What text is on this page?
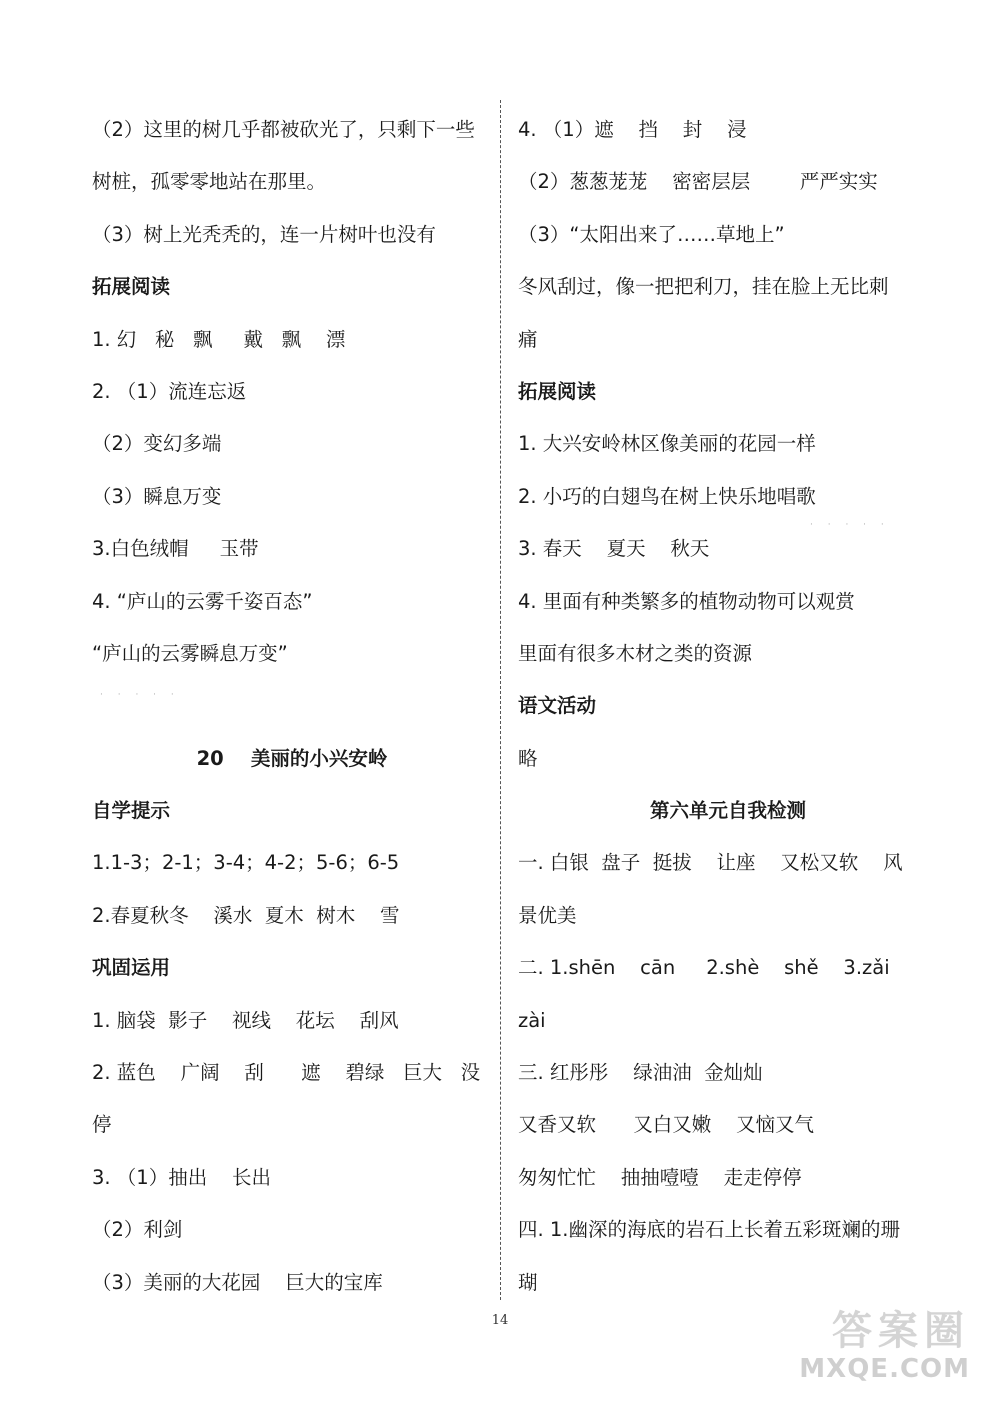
（2）这里的树几乎都被砍光了，只剩下一些
树桩，孤零零地站在那里。
（3）树上光秃秃的，连一片树叶也没有
拓展阅读
1. 幻   秘   飘     戴   飘    漂
2. （1）流连忘返
（2）变幻多端
（3）瞬息万变
3.白色绒帽     玉带
4. “庐山的云雾千姿百态”
“庐山的云雾瞬息万变”
20    美丽的小兴安岭
自学提示
1.1-3；2-1；3-4；4-2；5-6；6-5
2.春夏秋冬    溪水  夏木  树木    雪
巩固运用
1. 脑袋  影子    视线    花坛    刮风
2. 蓝色    广阔    刮      遮    碧绿   巨大   没
停
3. （1）抽出    长出
（2）利剑
（3）美丽的大花园    巨大的宝库
4. （1）遮    挡    封    浸
（2）葱葱茏茏    密密层层        严严实实
（3）“太阳出来了……草地上”
冬风刮过，像一把把利刀，挂在脸上无比刺
痛
拓展阅读
1. 大兴安岭林区像美丽的花园一样
2. 小巧的白翅鸟在树上快乐地唱歌
3. 春天    夏天    秋天
4. 里面有种类繁多的植物动物可以观赏
里面有很多木材之类的资源
语文活动
略
第六单元自我检测
一. 白银  盘子  挺拔    让座    又松又软    风
景优美
二. 1.shēn    cān     2.shè    shě    3.zǎi
zài
三. 红彤彤    绿油油  金灿灿
又香又软      又白又嫩    又恼又气
匆匆忙忙    抽抽噎噎    走走停停
四. 1.幽深的海底的岩石上长着五彩斑斓的珊
瑚
· · · · ·
· · · · ·
14	答案圈
MXQE.COM
